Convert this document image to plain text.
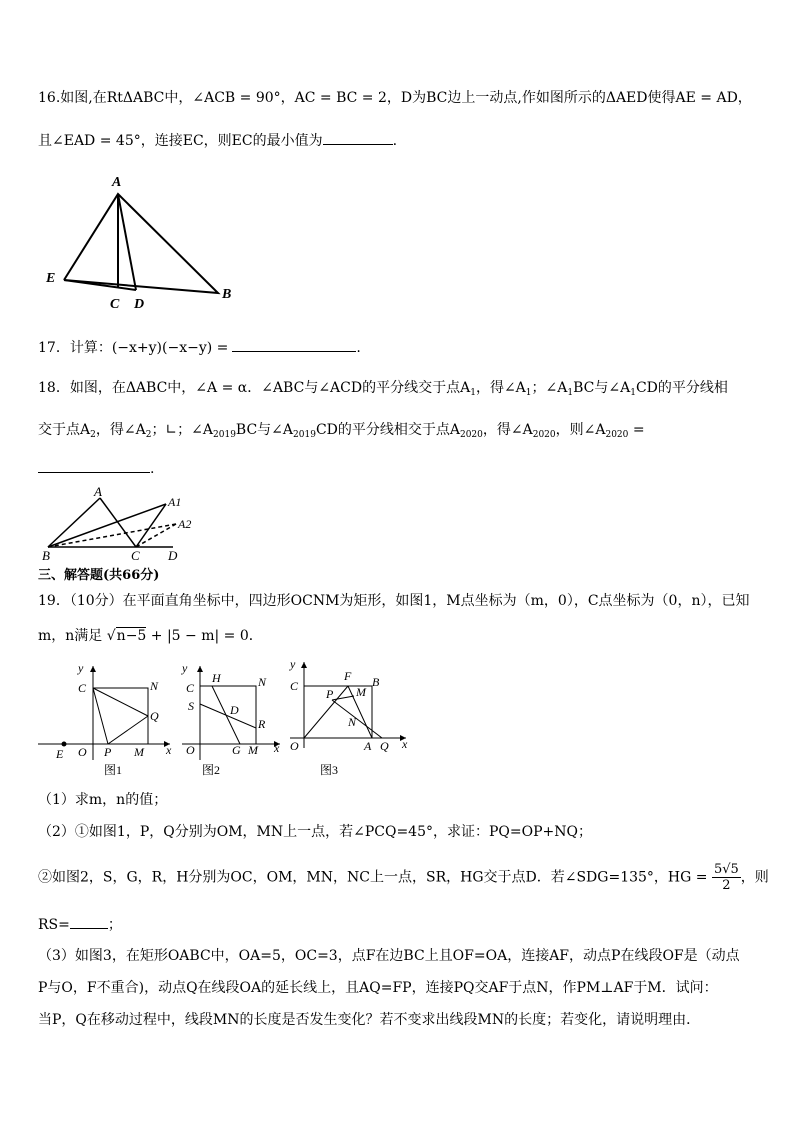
16.如图,在RtΔABC中，∠ACB = 90°，AC = BC = 2，D为BC边上一动点,作如图所示的ΔAED使得AE = AD，
且∠EAD = 45°，连接EC，则EC的最小值为	.
A
E
C D
B
17．计算：(−x+y)(−x−y) =	.
18．如图，在ΔABC中，∠A = α．∠ABC与∠ACD的平分线交于点$A_1$，得$\angle A_1$；$\angle A_1BC$与$\angle A_1CD$的平分线相
交于点$A_2$，得$\angle A_2$；∟；$\angle A_{2019}BC$与$\angle A_{2019}CD$的平分线相交于点$A_{2020}$，得$\angle A_{2020}$，则$\angle A_{2020}$ =
.
A
A1
A2
B	C D
三、解答题(共66分)
19．（10分）在平面直角坐标中，四边形OCNM为矩形，如图1，M点坐标为（m，0），C点坐标为（0，n），已知
m，n满足 √n−5 + |5 − m| = 0．
y
C	N
Q
E O P M x
图1
y
H	N
C
S	D
R
O	G M x
图2
y
F B
C
P M
N
O	A Q x
图3
（1）求m，n的值；
（2）①如图1，P，Q分别为OM，MN上一点，若∠PCQ=45°，求证：PQ=OP+NQ；
②如图2，S，G，R，H分别为OC，OM，MN，NC上一点，SR，HG交于点D．若∠SDG=135°，HG = $\frac{5√5}{2}$，则
RS=	；
（3）如图3，在矩形OABC中，OA=5，OC=3，点F在边BC上且OF=OA，连接AF，动点P在线段OF是（动点
P与O，F不重合)，动点Q在线段OA的延长线上，且AQ=FP，连接PQ交AF于点N，作PM⊥AF于M．试问：
当P，Q在移动过程中，线段MN的长度是否发生变化？若不变求出线段MN的长度；若变化，请说明理由．
